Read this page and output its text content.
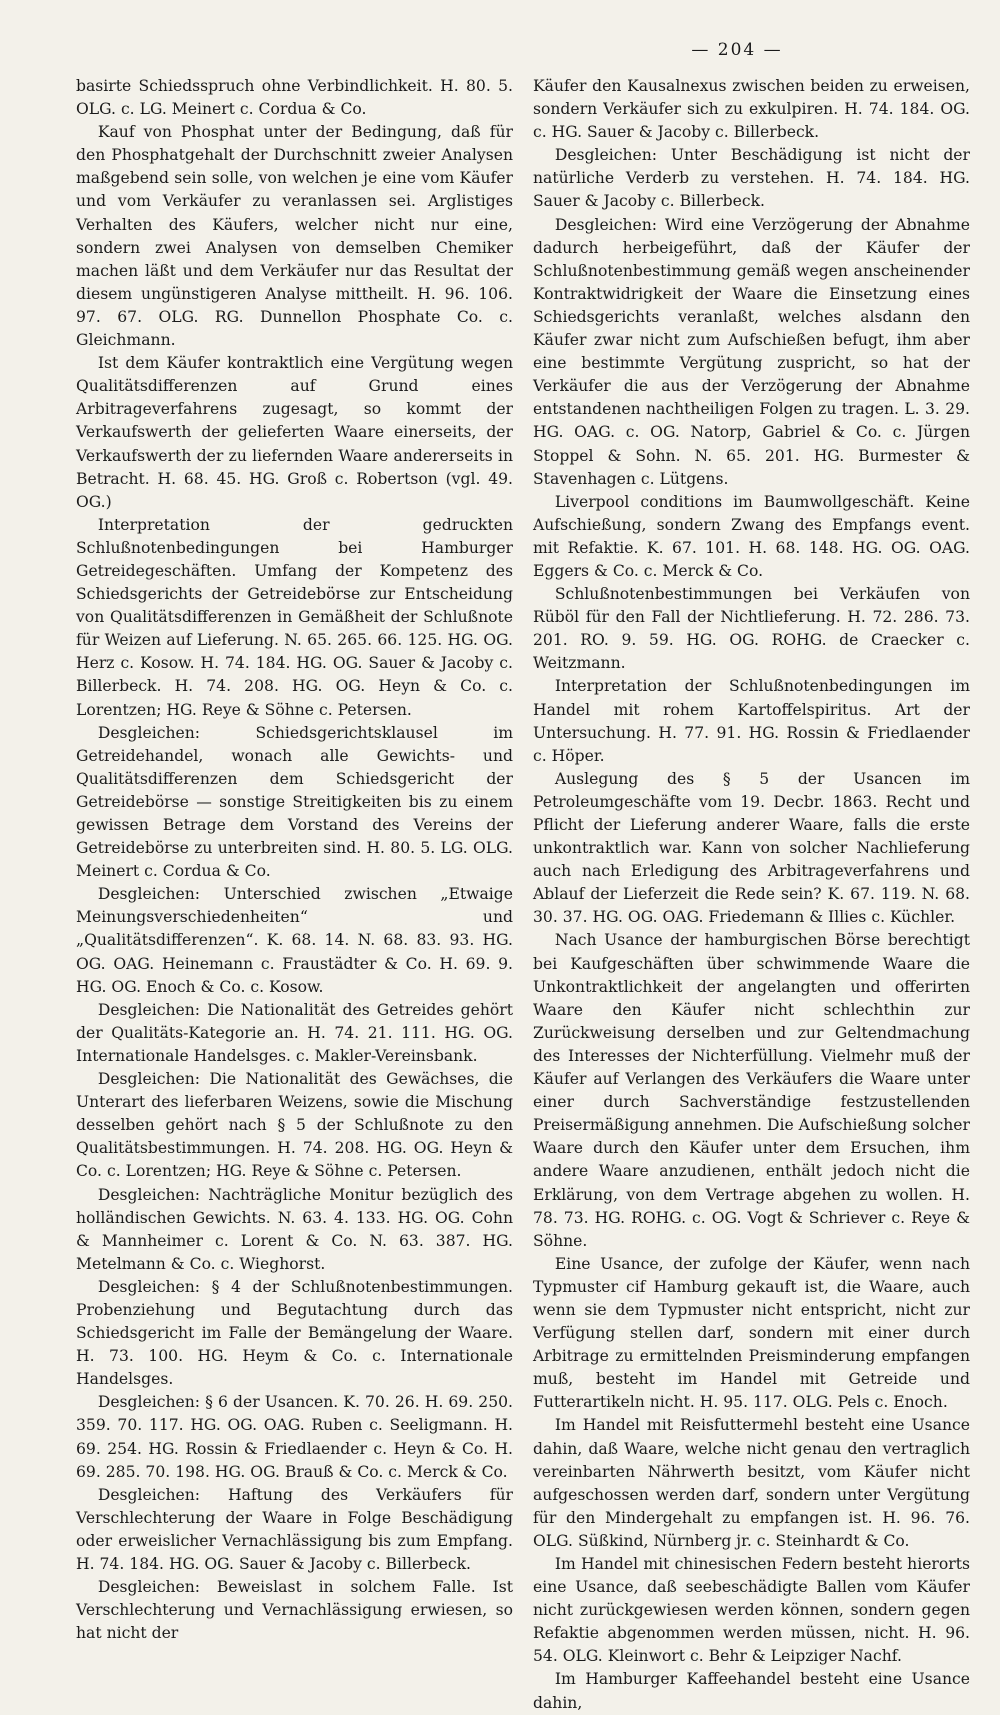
— 204 —

basirte Schiedsspruch ohne Verbindlichkeit. H. 80. 5. OLG. c. LG. Meinert c. Cordua & Co.

Kauf von Phosphat unter der Bedingung, daß für den Phosphatgehalt der Durchschnitt zweier Analysen maßgebend sein solle, von welchen je eine vom Käufer und vom Verkäufer zu veranlassen sei. Arglistiges Verhalten des Käufers, welcher nicht nur eine, sondern zwei Analysen von demselben Chemiker machen läßt und dem Verkäufer nur das Resultat der diesem ungünstigeren Analyse mittheilt. H. 96. 106. 97. 67. OLG. RG. Dunnellon Phosphate Co. c. Gleichmann.

Ist dem Käufer kontraktlich eine Vergütung wegen Qualitätsdifferenzen auf Grund eines Arbitrageverfahrens zugesagt, so kommt der Verkaufswerth der gelieferten Waare einerseits, der Verkaufswerth der zu liefernden Waare andererseits in Betracht. H. 68. 45. HG. Groß c. Robertson (vgl. 49. OG.)

Interpretation der gedruckten Schlußnotenbedingungen bei Hamburger Getreidegeschäften. Umfang der Kompetenz des Schiedsgerichts der Getreidebörse zur Entscheidung von Qualitätsdifferenzen in Gemäßheit der Schlußnote für Weizen auf Lieferung. N. 65. 265. 66. 125. HG. OG. Herz c. Kosow. H. 74. 184. HG. OG. Sauer & Jacoby c. Billerbeck. H. 74. 208. HG. OG. Heyn & Co. c. Lorentzen; HG. Reye & Söhne c. Petersen.

Desgleichen: Schiedsgerichtsklausel im Getreidehandel, wonach alle Gewichts- und Qualitätsdifferenzen dem Schiedsgericht der Getreidebörse — sonstige Streitigkeiten bis zu einem gewissen Betrage dem Vorstand des Vereins der Getreidebörse zu unterbreiten sind. H. 80. 5. LG. OLG. Meinert c. Cordua & Co.

Desgleichen: Unterschied zwischen „Etwaige Meinungsverschiedenheiten“ und „Qualitätsdifferenzen“. K. 68. 14. N. 68. 83. 93. HG. OG. OAG. Heinemann c. Fraustädter & Co. H. 69. 9. HG. OG. Enoch & Co. c. Kosow.

Desgleichen: Die Nationalität des Getreides gehört der Qualitäts-Kategorie an. H. 74. 21. 111. HG. OG. Internationale Handelsges. c. Makler-Vereinsbank.

Desgleichen: Die Nationalität des Gewächses, die Unterart des lieferbaren Weizens, sowie die Mischung desselben gehört nach § 5 der Schlußnote zu den Qualitätsbestimmungen. H. 74. 208. HG. OG. Heyn & Co. c. Lorentzen; HG. Reye & Söhne c. Petersen.

Desgleichen: Nachträgliche Monitur bezüglich des holländischen Gewichts. N. 63. 4. 133. HG. OG. Cohn & Mannheimer c. Lorent & Co. N. 63. 387. HG. Metelmann & Co. c. Wieghorst.

Desgleichen: § 4 der Schlußnotenbestimmungen. Probenziehung und Begutachtung durch das Schiedsgericht im Falle der Bemängelung der Waare. H. 73. 100. HG. Heym & Co. c. Internationale Handelsges.

Desgleichen: § 6 der Usancen. K. 70. 26. H. 69. 250. 359. 70. 117. HG. OG. OAG. Ruben c. Seeligmann. H. 69. 254. HG. Rossin & Friedlaender c. Heyn & Co. H. 69. 285. 70. 198. HG. OG. Brauß & Co. c. Merck & Co.

Desgleichen: Haftung des Verkäufers für Verschlechterung der Waare in Folge Beschädigung oder erweislicher Vernachlässigung bis zum Empfang. H. 74. 184. HG. OG. Sauer & Jacoby c. Billerbeck.

Desgleichen: Beweislast in solchem Falle. Ist Verschlechterung und Vernachlässigung erwiesen, so hat nicht der

Käufer den Kausalnexus zwischen beiden zu erweisen, sondern Verkäufer sich zu exkulpiren. H. 74. 184. OG. c. HG. Sauer & Jacoby c. Billerbeck.

Desgleichen: Unter Beschädigung ist nicht der natürliche Verderb zu verstehen. H. 74. 184. HG. Sauer & Jacoby c. Billerbeck.

Desgleichen: Wird eine Verzögerung der Abnahme dadurch herbeigeführt, daß der Käufer der Schlußnotenbestimmung gemäß wegen anscheinender Kontraktwidrigkeit der Waare die Einsetzung eines Schiedsgerichts veranlaßt, welches alsdann den Käufer zwar nicht zum Aufschießen befugt, ihm aber eine bestimmte Vergütung zuspricht, so hat der Verkäufer die aus der Verzögerung der Abnahme entstandenen nachtheiligen Folgen zu tragen. L. 3. 29. HG. OAG. c. OG. Natorp, Gabriel & Co. c. Jürgen Stoppel & Sohn. N. 65. 201. HG. Burmester & Stavenhagen c. Lütgens.

Liverpool conditions im Baumwollgeschäft. Keine Aufschießung, sondern Zwang des Empfangs event. mit Refaktie. K. 67. 101. H. 68. 148. HG. OG. OAG. Eggers & Co. c. Merck & Co.

Schlußnotenbestimmungen bei Verkäufen von Rüböl für den Fall der Nichtlieferung. H. 72. 286. 73. 201. RO. 9. 59. HG. OG. ROHG. de Craecker c. Weitzmann.

Interpretation der Schlußnotenbedingungen im Handel mit rohem Kartoffelspiritus. Art der Untersuchung. H. 77. 91. HG. Rossin & Friedlaender c. Höper.

Auslegung des § 5 der Usancen im Petroleumgeschäfte vom 19. Decbr. 1863. Recht und Pflicht der Lieferung anderer Waare, falls die erste unkontraktlich war. Kann von solcher Nachlieferung auch nach Erledigung des Arbitrageverfahrens und Ablauf der Lieferzeit die Rede sein? K. 67. 119. N. 68. 30. 37. HG. OG. OAG. Friedemann & Illies c. Küchler.

Nach Usance der hamburgischen Börse berechtigt bei Kaufgeschäften über schwimmende Waare die Unkontraktlichkeit der angelangten und offerirten Waare den Käufer nicht schlechthin zur Zurückweisung derselben und zur Geltendmachung des Interesses der Nichterfüllung. Vielmehr muß der Käufer auf Verlangen des Verkäufers die Waare unter einer durch Sachverständige festzustellenden Preisermäßigung annehmen. Die Aufschießung solcher Waare durch den Käufer unter dem Ersuchen, ihm andere Waare anzudienen, enthält jedoch nicht die Erklärung, von dem Vertrage abgehen zu wollen. H. 78. 73. HG. ROHG. c. OG. Vogt & Schriever c. Reye & Söhne.

Eine Usance, der zufolge der Käufer, wenn nach Typmuster cif Hamburg gekauft ist, die Waare, auch wenn sie dem Typmuster nicht entspricht, nicht zur Verfügung stellen darf, sondern mit einer durch Arbitrage zu ermittelnden Preisminderung empfangen muß, besteht im Handel mit Getreide und Futterartikeln nicht. H. 95. 117. OLG. Pels c. Enoch.

Im Handel mit Reisfuttermehl besteht eine Usance dahin, daß Waare, welche nicht genau den vertraglich vereinbarten Nährwerth besitzt, vom Käufer nicht aufgeschossen werden darf, sondern unter Vergütung für den Mindergehalt zu empfangen ist. H. 96. 76. OLG. Süßkind, Nürnberg jr. c. Steinhardt & Co.

Im Handel mit chinesischen Federn besteht hierorts eine Usance, daß seebeschädigte Ballen vom Käufer nicht zurückgewiesen werden können, sondern gegen Refaktie abgenommen werden müssen, nicht. H. 96. 54. OLG. Kleinwort c. Behr & Leipziger Nachf.

Im Hamburger Kaffeehandel besteht eine Usance dahin,
